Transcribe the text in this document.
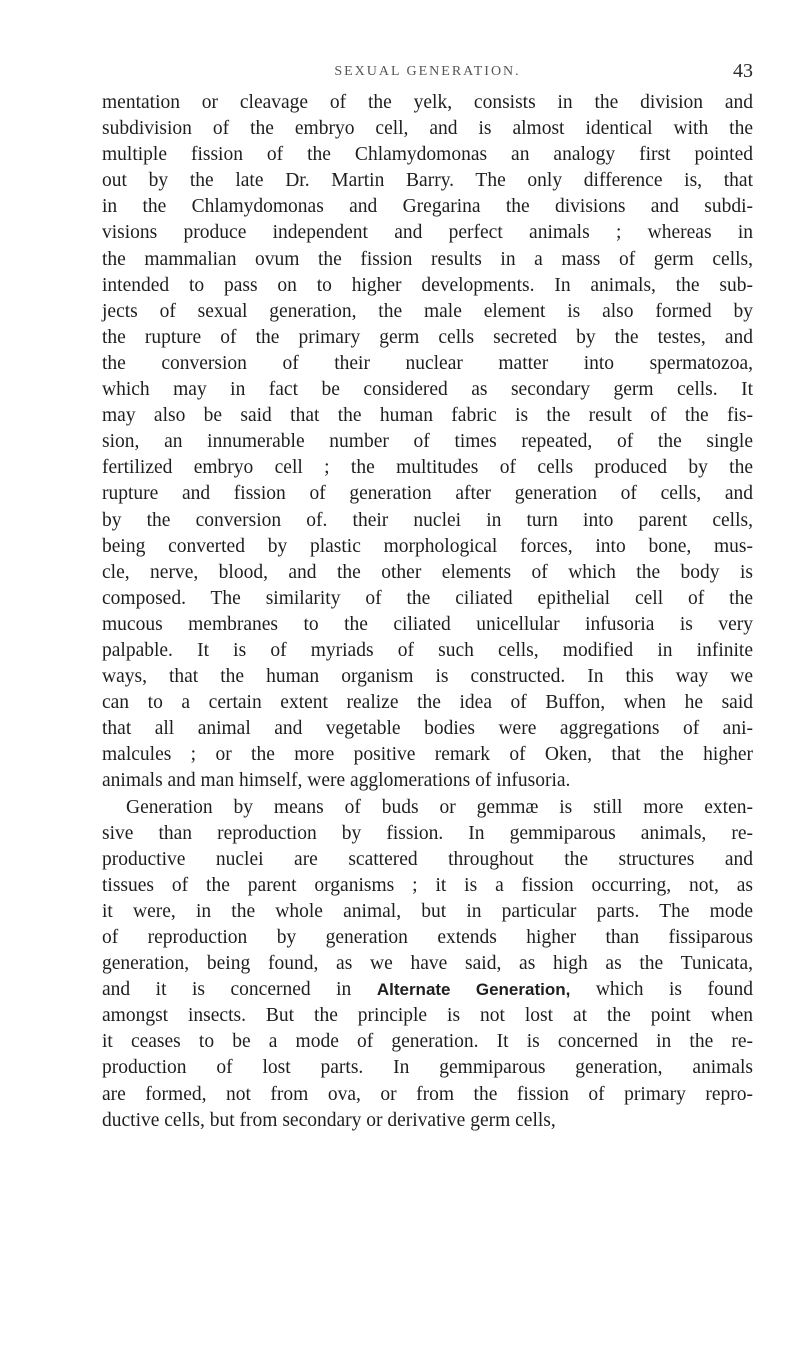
SEXUAL GENERATION.	43
mentation or cleavage of the yelk, consists in the division and
subdivision of the embryo cell, and is almost identical with the
multiple fission of the Chlamydomonas an analogy first pointed
out by the late Dr. Martin Barry. The only difference is, that
in the Chlamydomonas and Gregarina the divisions and subdi-
visions produce independent and perfect animals ; whereas in
the mammalian ovum the fission results in a mass of germ cells,
intended to pass on to higher developments. In animals, the sub-
jects of sexual generation, the male element is also formed by
the rupture of the primary germ cells secreted by the testes, and
the conversion of their nuclear matter into spermatozoa,
which may in fact be considered as secondary germ cells. It
may also be said that the human fabric is the result of the fis-
sion, an innumerable number of times repeated, of the single
fertilized embryo cell ; the multitudes of cells produced by the
rupture and fission of generation after generation of cells, and
by the conversion of. their nuclei in turn into parent cells,
being converted by plastic morphological forces, into bone, mus-
cle, nerve, blood, and the other elements of which the body is
composed. The similarity of the ciliated epithelial cell of the
mucous membranes to the ciliated unicellular infusoria is very
palpable. It is of myriads of such cells, modified in infinite
ways, that the human organism is constructed. In this way we
can to a certain extent realize the idea of Buffon, when he said
that all animal and vegetable bodies were aggregations of ani-
malcules ; or the more positive remark of Oken, that the higher
animals and man himself, were agglomerations of infusoria.
Generation by means of buds or gemmæ is still more exten-
sive than reproduction by fission. In gemmiparous animals, re-
productive nuclei are scattered throughout the structures and
tissues of the parent organisms ; it is a fission occurring, not, as
it were, in the whole animal, but in particular parts. The mode
of reproduction by generation extends higher than fissiparous
generation, being found, as we have said, as high as the Tunicata,
and it is concerned in Alternate Generation, which is found
amongst insects. But the principle is not lost at the point when
it ceases to be a mode of generation. It is concerned in the re-
production of lost parts. In gemmiparous generation, animals
are formed, not from ova, or from the fission of primary repro-
ductive cells, but from secondary or derivative germ cells,
